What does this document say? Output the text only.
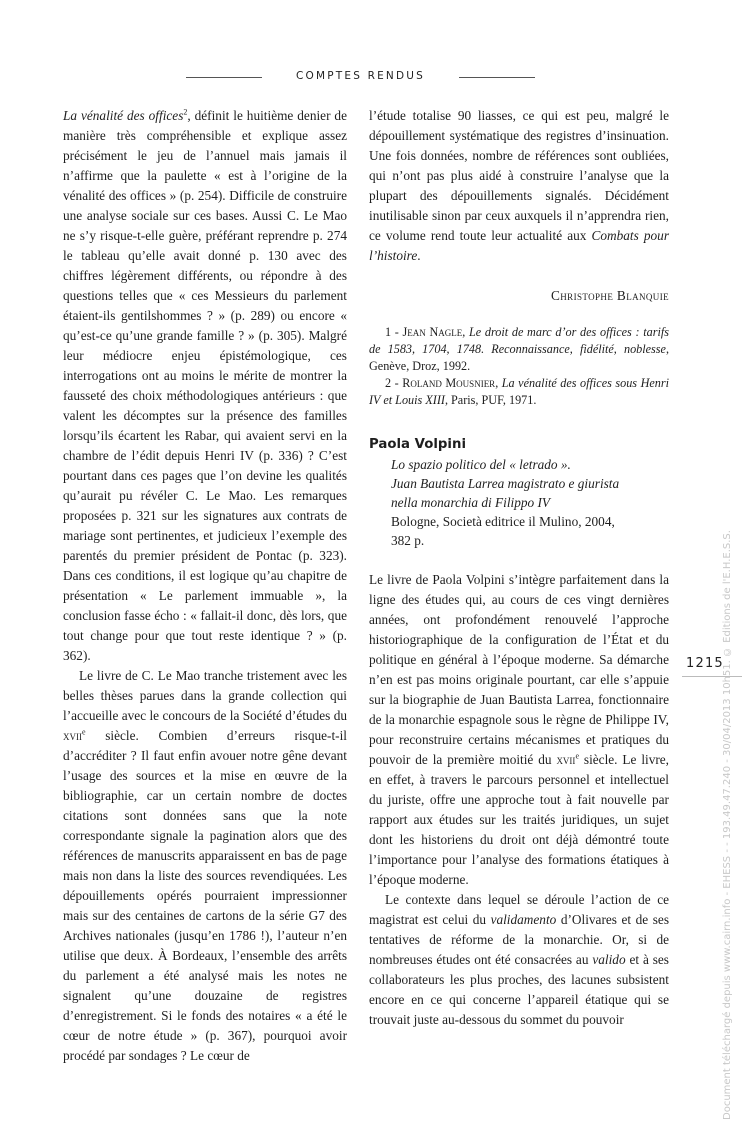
COMPTES RENDUS

La vénalité des offices$^2$, définit le huitième denier de manière très compréhensible et explique assez précisément le jeu de l’annuel mais jamais il n’affirme que la paulette « est à l’origine de la vénalité des offices » (p. 254). Difficile de construire une analyse sociale sur ces bases. Aussi C. Le Mao ne s’y risque-t-elle guère, préférant reprendre p. 274 le tableau qu’elle avait donné p. 130 avec des chiffres légèrement différents, ou répondre à des questions telles que « ces Messieurs du parlement étaient-ils gentilshommes ? » (p. 289) ou encore « qu’est-ce qu’une grande famille ? » (p. 305). Malgré leur médiocre enjeu épistémologique, ces interrogations ont au moins le mérite de montrer la fausseté des choix méthodologiques antérieurs : que valent les décomptes sur la présence des familles lorsqu’ils écartent les Rabar, qui avaient servi en la chambre de l’édit depuis Henri IV (p. 336) ? C’est pourtant dans ces pages que l’on devine les qualités qu’aurait pu révéler C. Le Mao. Les remarques proposées p. 321 sur les signatures aux contrats de mariage sont pertinentes, et judicieux l’exemple des parentés du premier président de Pontac (p. 323). Dans ces conditions, il est logique qu’au chapitre de présentation « Le parlement immuable », la conclusion fasse écho : « fallait-il donc, dès lors, que tout change pour que tout reste identique ? » (p. 362).

Le livre de C. Le Mao tranche tristement avec les belles thèses parues dans la grande collection qui l’accueille avec le concours de la Société d’études du xvii$^e$ siècle. Combien d’erreurs risque-t-il d’accréditer ? Il faut enfin avouer notre gêne devant l’usage des sources et la mise en œuvre de la bibliographie, car un certain nombre de doctes citations sont données sans que la note correspondante signale la pagination alors que des références de manuscrits apparaissent en bas de page mais non dans la liste des sources revendiquées. Les dépouillements opérés pourraient impressionner mais sur des centaines de cartons de la série G7 des Archives nationales (jusqu’en 1786 !), l’auteur n’en utilise que deux. À Bordeaux, l’ensemble des arrêts du parlement a été analysé mais les notes ne signalent qu’une douzaine de registres d’enregistrement. Si le fonds des notaires « a été le cœur de notre étude » (p. 367), pourquoi avoir procédé par sondages ? Le cœur de

l’étude totalise 90 liasses, ce qui est peu, malgré le dépouillement systématique des registres d’insinuation. Une fois données, nombre de références sont oubliées, qui n’ont pas plus aidé à construire l’analyse que la plupart des dépouillements signalés. Décidément inutilisable sinon par ceux auxquels il n’apprendra rien, ce volume rend toute leur actualité aux Combats pour l’histoire.

Christophe Blanquie

1 - Jean Nagle, Le droit de marc d’or des offices : tarifs de 1583, 1704, 1748. Reconnaissance, fidélité, noblesse, Genève, Droz, 1992.
2 - Roland Mousnier, La vénalité des offices sous Henri IV et Louis XIII, Paris, PUF, 1971.

Paola Volpini

Lo spazio politico del « letrado ».
Juan Bautista Larrea magistrato e giurista
nella monarchia di Filippo IV
Bologne, Società editrice il Mulino, 2004,
382 p.

Le livre de Paola Volpini s’intègre parfaitement dans la ligne des études qui, au cours de ces vingt dernières années, ont profondément renouvelé l’approche historiographique de la configuration de l’État et du politique en général à l’époque moderne. Sa démarche n’en est pas moins originale pourtant, car elle s’appuie sur la biographie de Juan Bautista Larrea, fonctionnaire de la monarchie espagnole sous le règne de Philippe IV, pour reconstruire certains mécanismes et pratiques du pouvoir de la première moitié du xvii$^e$ siècle. Le livre, en effet, à travers le parcours personnel et intellectuel du juriste, offre une approche tout à fait nouvelle par rapport aux études sur les traités juridiques, un sujet dont les historiens du droit ont déjà démontré toute l’importance pour l’analyse des formations étatiques à l’époque moderne.

Le contexte dans lequel se déroule l’action de ce magistrat est celui du validamento d’Olivares et de ses tentatives de réforme de la monarchie. Or, si de nombreuses études ont été consacrées au valido et à ses collaborateurs les plus proches, des lacunes subsistent encore en ce qui concerne l’appareil étatique qui se trouvait juste au-dessous du sommet du pouvoir

1215
Document téléchargé depuis www.cairn.info - EHESS - - 193.49.47.240 - 30/04/2013 10h51. © Éditions de l'E.H.E.S.S.
